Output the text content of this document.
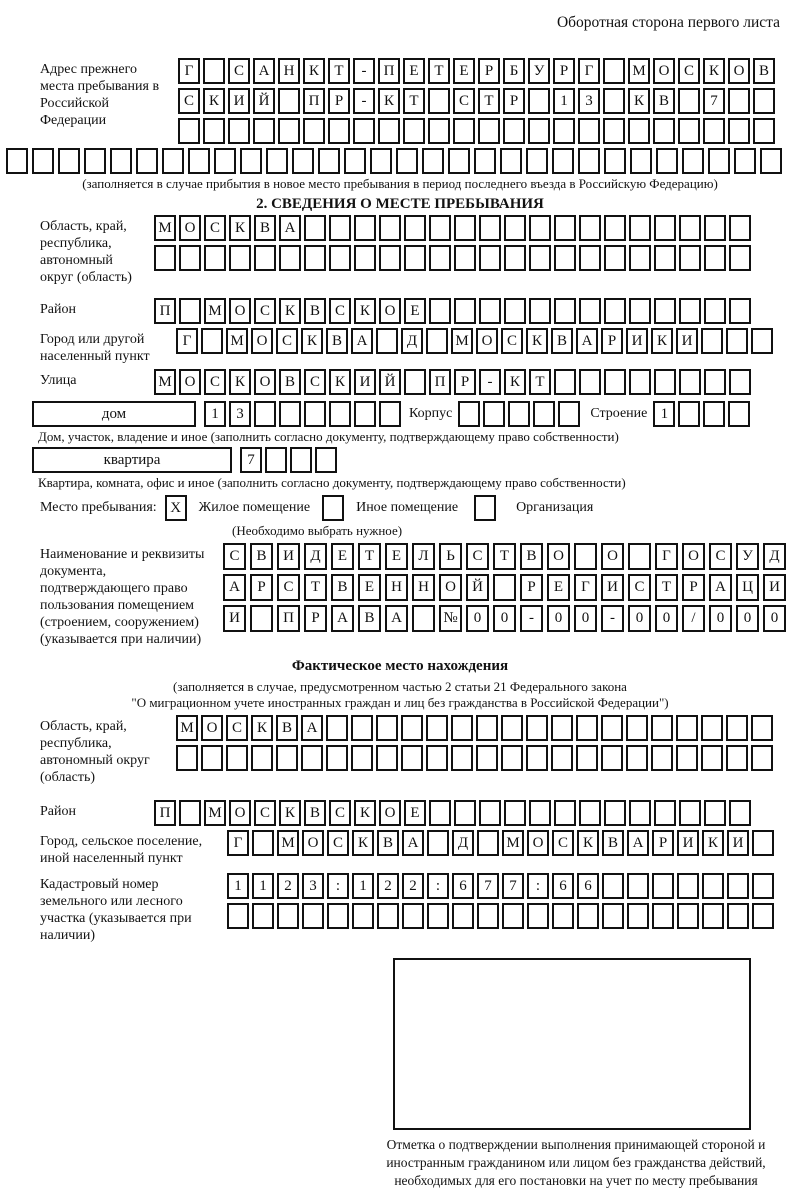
Оборотная сторона первого листа
Адрес прежнего места пребывания в Российской Федерации
Г	С А Н К	Т	-	П Е	Т	Е	Р	Б	У	Р	Г	М О С К О В
С К И Й	П	Р	-	К	Т	С	Т	Р	1	3	К В	7
(заполняется в случае прибытия в новое место пребывания в период последнего въезда в Российскую Федерацию)
2. СВЕДЕНИЯ О МЕСТЕ ПРЕБЫВАНИЯ
Область, край, республика, автономный округ (область)
М О С К В А
Район	П	М О С К В С К О Е
Город или другой населенный пункт
Г	М О С К В А	Д	М О С К В А	Р	И К И
Улица	М О С К О В С К И Й	П	Р	-	К	Т
дом	1	3	Корпус	Строение 1
Дом, участок, владение и иное (заполнить согласно документу, подтверждающему право собственности)
квартира	7
Квартира, комната, офис и иное (заполнить согласно документу, подтверждающему право собственности)
Место пребывания: X	Жилое помещение	Иное помещение	Организация
(Необходимо выбрать нужное)
Наименование и реквизиты документа, подтверждающего право пользования помещением (строением, сооружением) (указывается при наличии)
С	В	И	Д	Е	Т	Е	Л	Ь	С	Т	В	О	О	Г	О	С	У	Д
А	Р	С	Т	В	Е	Н	Н	О	Й	Р	Е	Г	И	С	Т	Р	А	Ц	И
И	П	Р	А	В	А	№	0	0	-	0	0	-	0	0	/	0	0	0
Фактическое место нахождения
(заполняется в случае, предусмотренном частью 2 статьи 21 Федерального закона
"О миграционном учете иностранных граждан и лиц без гражданства в Российской Федерации")
Область, край, республика, автономный округ (область)
М О С К В А
Район	П	М О С К В С К О Е
Город, сельское поселение, иной населенный пункт
Г	М О С К В А	Д	М О С К В А	Р	И К И
Кадастровый номер земельного или лесного участка (указывается при наличии)
1	1	2	3	:	1	2	2	:	6	7	7	:	6	6
Отметка о подтверждении выполнения принимающей стороной и иностранным гражданином или лицом без гражданства действий, необходимых для его постановки на учет по месту пребывания
